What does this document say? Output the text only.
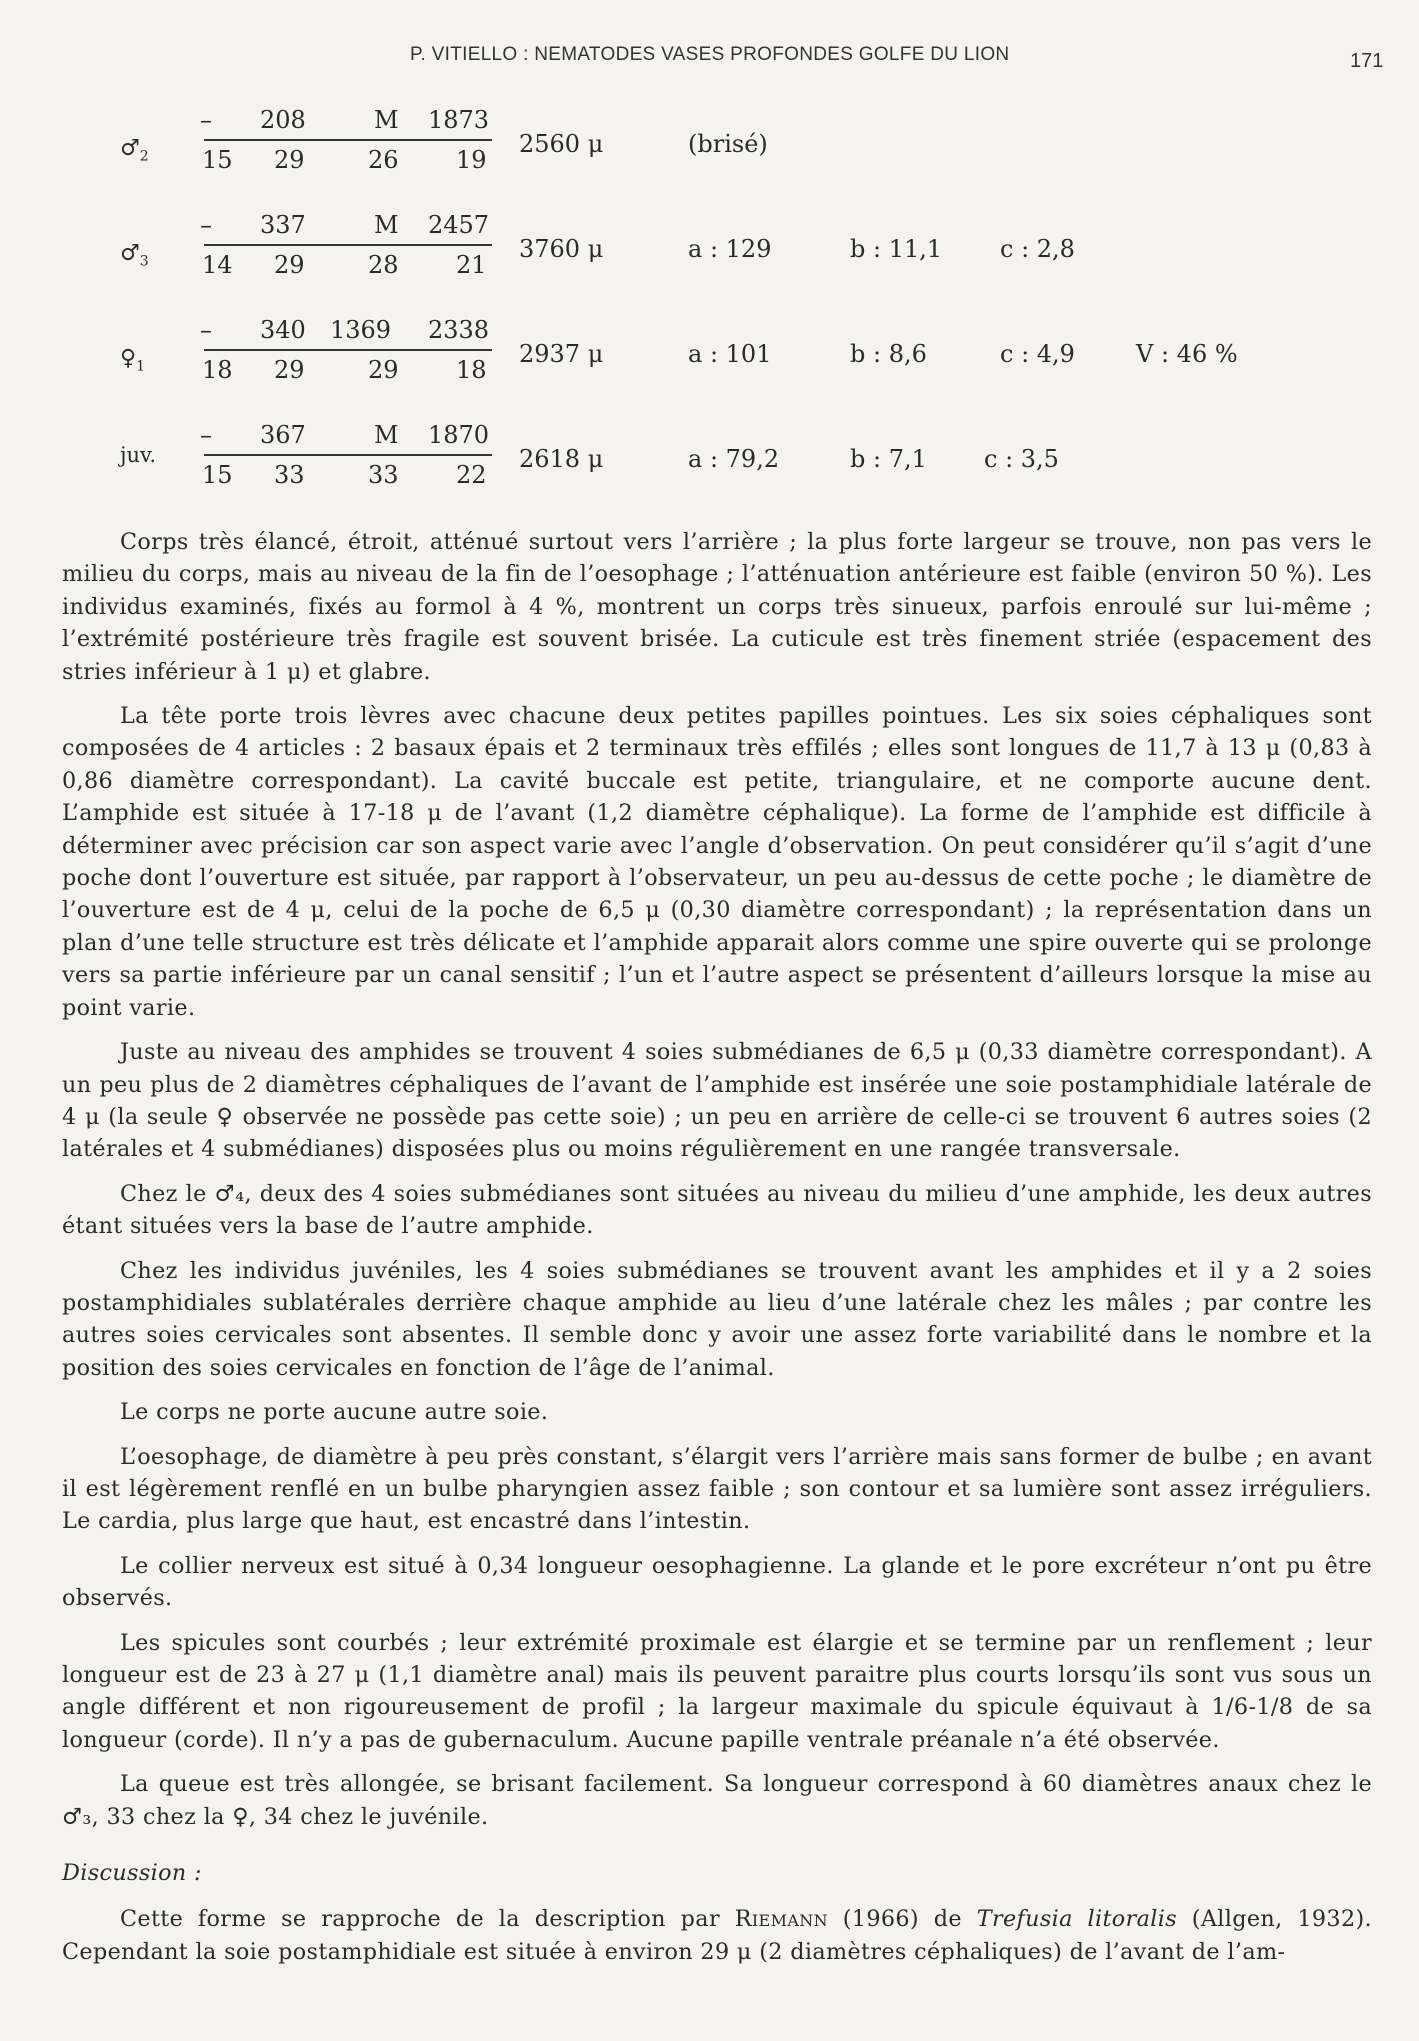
P. VITIELLO : NEMATODES VASES PROFONDES GOLFE DU LION	171
$♂_2$
– 208	M 1873
15 29	26 19
2560 μ	(brisé)
$♂_3$
– 337	M 2457
14 29	28 21
3760 μ	a : 129	b : 11,1 c : 2,8
$♀_1$
– 340 1369 2338
18 29	29 18
2937 μ	a : 101	b : 8,6	c : 4,9	V : 46 %
juv.
– 367	M 1870
15 33	33 22
2618 μ	a : 79,2	b : 7,1 c : 3,5

Corps très élancé, étroit, atténué surtout vers l’arrière ; la plus forte largeur se trouve, non pas vers le milieu du corps, mais au niveau de la fin de l’oesophage ; l’atténuation antérieure est faible (environ 50 %). Les individus examinés, fixés au formol à 4 %, montrent un corps très sinueux, parfois enroulé sur lui-même ; l’extrémité postérieure très fragile est souvent brisée. La cuticule est très finement striée (espacement des stries inférieur à 1 μ) et glabre.

La tête porte trois lèvres avec chacune deux petites papilles pointues. Les six soies céphaliques sont composées de 4 articles : 2 basaux épais et 2 terminaux très effilés ; elles sont longues de 11,7 à 13 μ (0,83 à 0,86 diamètre correspondant). La cavité buccale est petite, triangulaire, et ne comporte aucune dent. L’amphide est située à 17-18 μ de l’avant (1,2 diamètre céphalique). La forme de l’amphide est difficile à déterminer avec précision car son aspect varie avec l’angle d’observation. On peut considérer qu’il s’agit d’une poche dont l’ouverture est située, par rapport à l’observateur, un peu au-dessus de cette poche ; le diamètre de l’ouverture est de 4 μ, celui de la poche de 6,5 μ (0,30 diamètre correspondant) ; la représentation dans un plan d’une telle structure est très délicate et l’amphide apparait alors comme une spire ouverte qui se prolonge vers sa partie inférieure par un canal sensitif ; l’un et l’autre aspect se présentent d’ailleurs lorsque la mise au point varie.

Juste au niveau des amphides se trouvent 4 soies submédianes de 6,5 μ (0,33 diamètre correspondant). A un peu plus de 2 diamètres céphaliques de l’avant de l’amphide est insérée une soie postamphidiale latérale de 4 μ (la seule ♀ observée ne possède pas cette soie) ; un peu en arrière de celle-ci se trouvent 6 autres soies (2 latérales et 4 submédianes) disposées plus ou moins régulièrement en une rangée transversale.

Chez le ♂₄, deux des 4 soies submédianes sont situées au niveau du milieu d’une amphide, les deux autres étant situées vers la base de l’autre amphide.

Chez les individus juvéniles, les 4 soies submédianes se trouvent avant les amphides et il y a 2 soies postamphidiales sublatérales derrière chaque amphide au lieu d’une latérale chez les mâles ; par contre les autres soies cervicales sont absentes. Il semble donc y avoir une assez forte variabilité dans le nombre et la position des soies cervicales en fonction de l’âge de l’animal.

Le corps ne porte aucune autre soie.

L’oesophage, de diamètre à peu près constant, s’élargit vers l’arrière mais sans former de bulbe ; en avant il est légèrement renflé en un bulbe pharyngien assez faible ; son contour et sa lumière sont assez irréguliers. Le cardia, plus large que haut, est encastré dans l’intestin.

Le collier nerveux est situé à 0,34 longueur oesophagienne. La glande et le pore excréteur n’ont pu être observés.

Les spicules sont courbés ; leur extrémité proximale est élargie et se termine par un renflement ; leur longueur est de 23 à 27 μ (1,1 diamètre anal) mais ils peuvent paraitre plus courts lorsqu’ils sont vus sous un angle différent et non rigoureusement de profil ; la largeur maximale du spicule équivaut à 1/6-1/8 de sa longueur (corde). Il n’y a pas de gubernaculum. Aucune papille ventrale préanale n’a été observée.

La queue est très allongée, se brisant facilement. Sa longueur correspond à 60 diamètres anaux chez le ♂₃, 33 chez la ♀, 34 chez le juvénile.

Discussion :

Cette forme se rapproche de la description par Riemann (1966) de Trefusia litoralis (Allgen, 1932). Cependant la soie postamphidiale est située à environ 29 μ (2 diamètres céphaliques) de l’avant de l’am-
